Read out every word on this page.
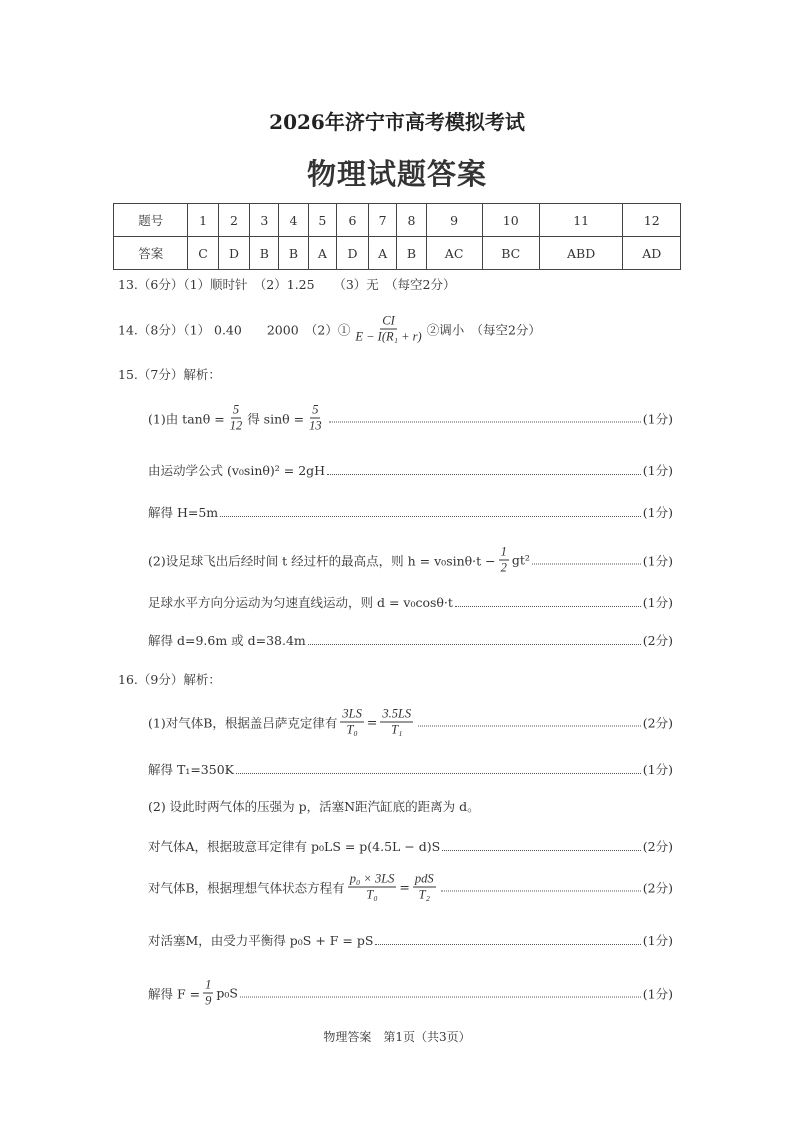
2026年济宁市高考模拟考试
物理试题答案
题号	1	2	3	4	5	6	7	8	9	10	11	12
答案	C	D	B	B	A	D	A	B	AC	BC	ABD	AD
13.（6分）（1）顺时针　（2）1.25　　（3）无　（每空2分）
14.（8分）（1） 0.40　　2000　（2）① $\frac{CI}{\text{E − I(R₁ + r)}}$ ②调小　（每空2分）
15.（7分）解析：
(1)由 $\tan\theta = \frac{5}{12}$ 得 $\sin\theta = \frac{5}{13}$	(1分)
由运动学公式 (v₀sinθ)² = 2gH	(1分)
解得 H=5m	(1分)
(2)设足球飞出后经时间 t 经过杆的最高点，则 $h = v_0\sin\theta\cdot t - \frac{1}{2} gt^2$	(1分)
足球水平方向分运动为匀速直线运动，则 d = v₀cosθ·t	(1分)
解得 d=9.6m 或 d=38.4m	(2分)
16.（9分）解析：
(1)对气体B，根据盖吕萨克定律有 $\frac{3LS}{\text{T₀}} = \frac{3.5LS}{\text{T₁}}$	(2分)
解得 T₁=350K	(1分)
(2) 设此时两气体的压强为 p，活塞N距汽缸底的距离为 d。
对气体A，根据玻意耳定律有 p₀LS = p(4.5L − d)S	(2分)
对气体B，根据理想气体状态方程有 $\frac{\text{p₀ × 3LS}}{\text{T₀}}$ =
pdS
T₂	(2分)
对活塞M，由受力平衡得 p₀S + F = pS	(1分)
解得 $F = \frac{1}{9} p_0S$	(1分)
物理答案　第1页（共3页）
